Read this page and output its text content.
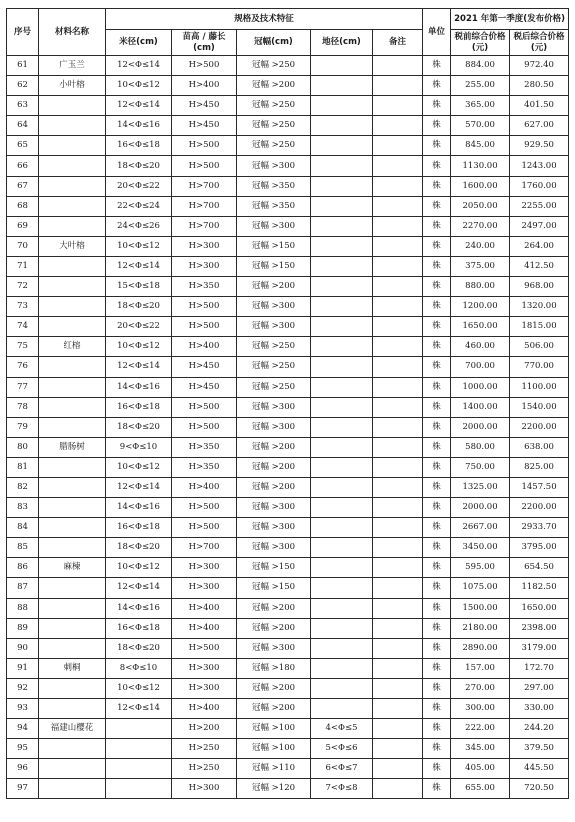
序号	材料名称	规格及技术特征					单位	2021 年第一季度(发布价格)	
		米径(cm)	苗高 / 藤长(cm)	冠幅(cm)	地径(cm)	备注		税前综合价格(元)	税后综合价格(元)
61	广玉兰	12<Φ≤14	H>500	冠幅 >250			株	884.00	972.40
62	小叶榕	10<Φ≤12	H>400	冠幅 >200			株	255.00	280.50
63		12<Φ≤14	H>450	冠幅 >250			株	365.00	401.50
64		14<Φ≤16	H>450	冠幅 >250			株	570.00	627.00
65		16<Φ≤18	H>500	冠幅 >250			株	845.00	929.50
66		18<Φ≤20	H>500	冠幅 >300			株	1130.00	1243.00
67		20<Φ≤22	H>700	冠幅 >350			株	1600.00	1760.00
68		22<Φ≤24	H>700	冠幅 >350			株	2050.00	2255.00
69		24<Φ≤26	H>700	冠幅 >300			株	2270.00	2497.00
70	大叶榕	10<Φ≤12	H>300	冠幅 >150			株	240.00	264.00
71		12<Φ≤14	H>300	冠幅 >150			株	375.00	412.50
72		15<Φ≤18	H>350	冠幅 >200			株	880.00	968.00
73		18<Φ≤20	H>500	冠幅 >300			株	1200.00	1320.00
74		20<Φ≤22	H>500	冠幅 >300			株	1650.00	1815.00
75	红榕	10<Φ≤12	H>400	冠幅 >250			株	460.00	506.00
76		12<Φ≤14	H>450	冠幅 >250			株	700.00	770.00
77		14<Φ≤16	H>450	冠幅 >250			株	1000.00	1100.00
78		16<Φ≤18	H>500	冠幅 >300			株	1400.00	1540.00
79		18<Φ≤20	H>500	冠幅 >300			株	2000.00	2200.00
80	腊肠树	9<Φ≤10	H>350	冠幅 >200			株	580.00	638.00
81		10<Φ≤12	H>350	冠幅 >200			株	750.00	825.00
82		12<Φ≤14	H>400	冠幅 >200			株	1325.00	1457.50
83		14<Φ≤16	H>500	冠幅 >300			株	2000.00	2200.00
84		16<Φ≤18	H>500	冠幅 >300			株	2667.00	2933.70
85		18<Φ≤20	H>700	冠幅 >300			株	3450.00	3795.00
86	麻楝	10<Φ≤12	H>300	冠幅 >150			株	595.00	654.50
87		12<Φ≤14	H>300	冠幅 >150			株	1075.00	1182.50
88		14<Φ≤16	H>400	冠幅 >200			株	1500.00	1650.00
89		16<Φ≤18	H>400	冠幅 >200			株	2180.00	2398.00
90		18<Φ≤20	H>500	冠幅 >300			株	2890.00	3179.00
91	刺桐	8<Φ≤10	H>300	冠幅 >180			株	157.00	172.70
92		10<Φ≤12	H>300	冠幅 >200			株	270.00	297.00
93		12<Φ≤14	H>400	冠幅 >200			株	300.00	330.00
94	福建山樱花		H>200	冠幅 >100	4<Φ≤5		株	222.00	244.20
95			H>250	冠幅 >100	5<Φ≤6		株	345.00	379.50
96			H>250	冠幅 >110	6<Φ≤7		株	405.00	445.50
97			H>300	冠幅 >120	7<Φ≤8		株	655.00	720.50
